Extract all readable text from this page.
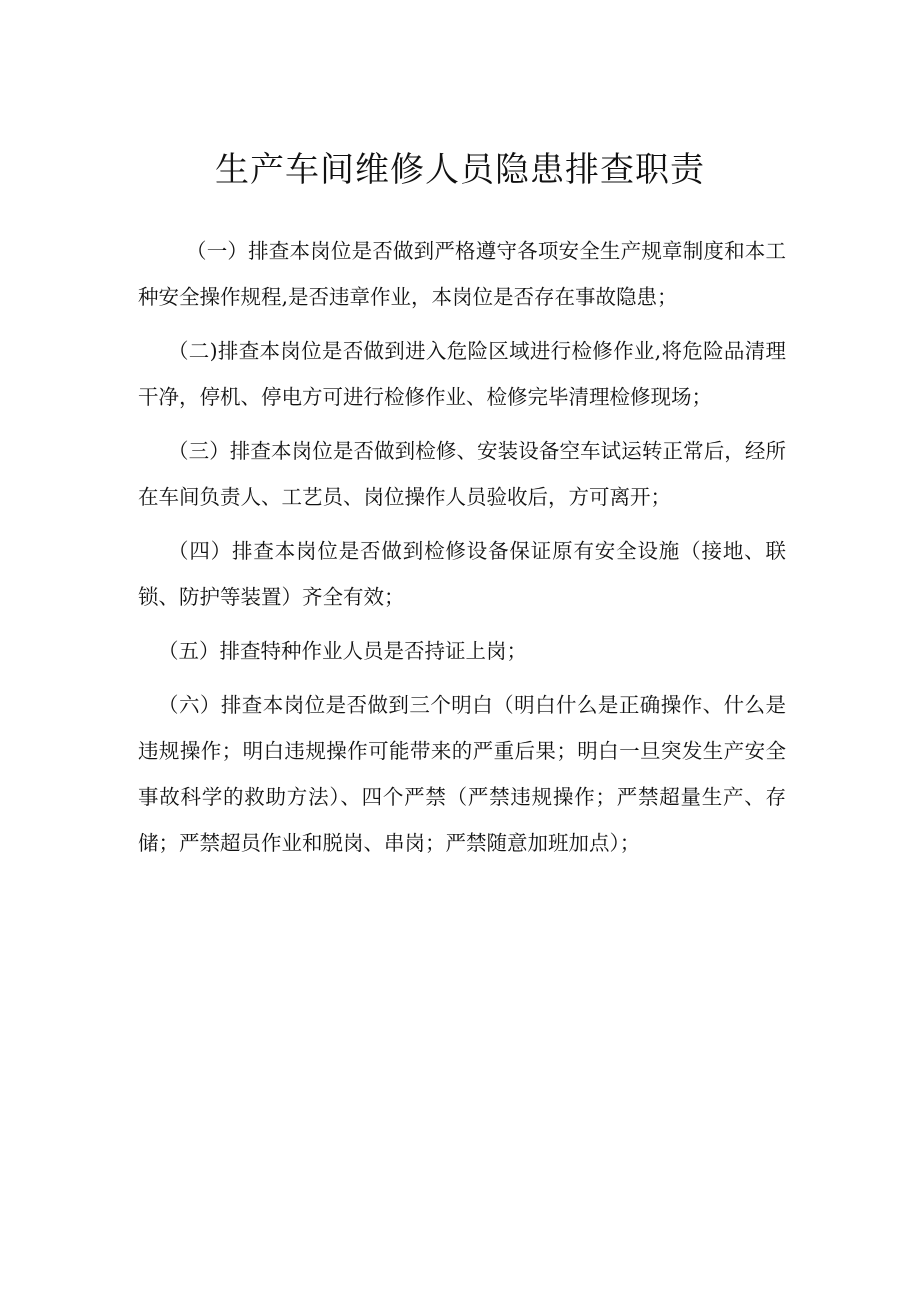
生产车间维修人员隐患排查职责

（一）排查本岗位是否做到严格遵守各项安全生产规章制度和本工种安全操作规程,是否违章作业，本岗位是否存在事故隐患；

（二)排查本岗位是否做到进入危险区域进行检修作业,将危险品清理干净，停机、停电方可进行检修作业、检修完毕清理检修现场；

（三）排查本岗位是否做到检修、安装设备空车试运转正常后，经所在车间负责人、工艺员、岗位操作人员验收后，方可离开；

（四）排查本岗位是否做到检修设备保证原有安全设施（接地、联锁、防护等装置）齐全有效；

（五）排查特种作业人员是否持证上岗；

（六）排查本岗位是否做到三个明白（明白什么是正确操作、什么是违规操作；明白违规操作可能带来的严重后果；明白一旦突发生产安全事故科学的救助方法）、四个严禁（严禁违规操作；严禁超量生产、存储；严禁超员作业和脱岗、串岗；严禁随意加班加点）；
